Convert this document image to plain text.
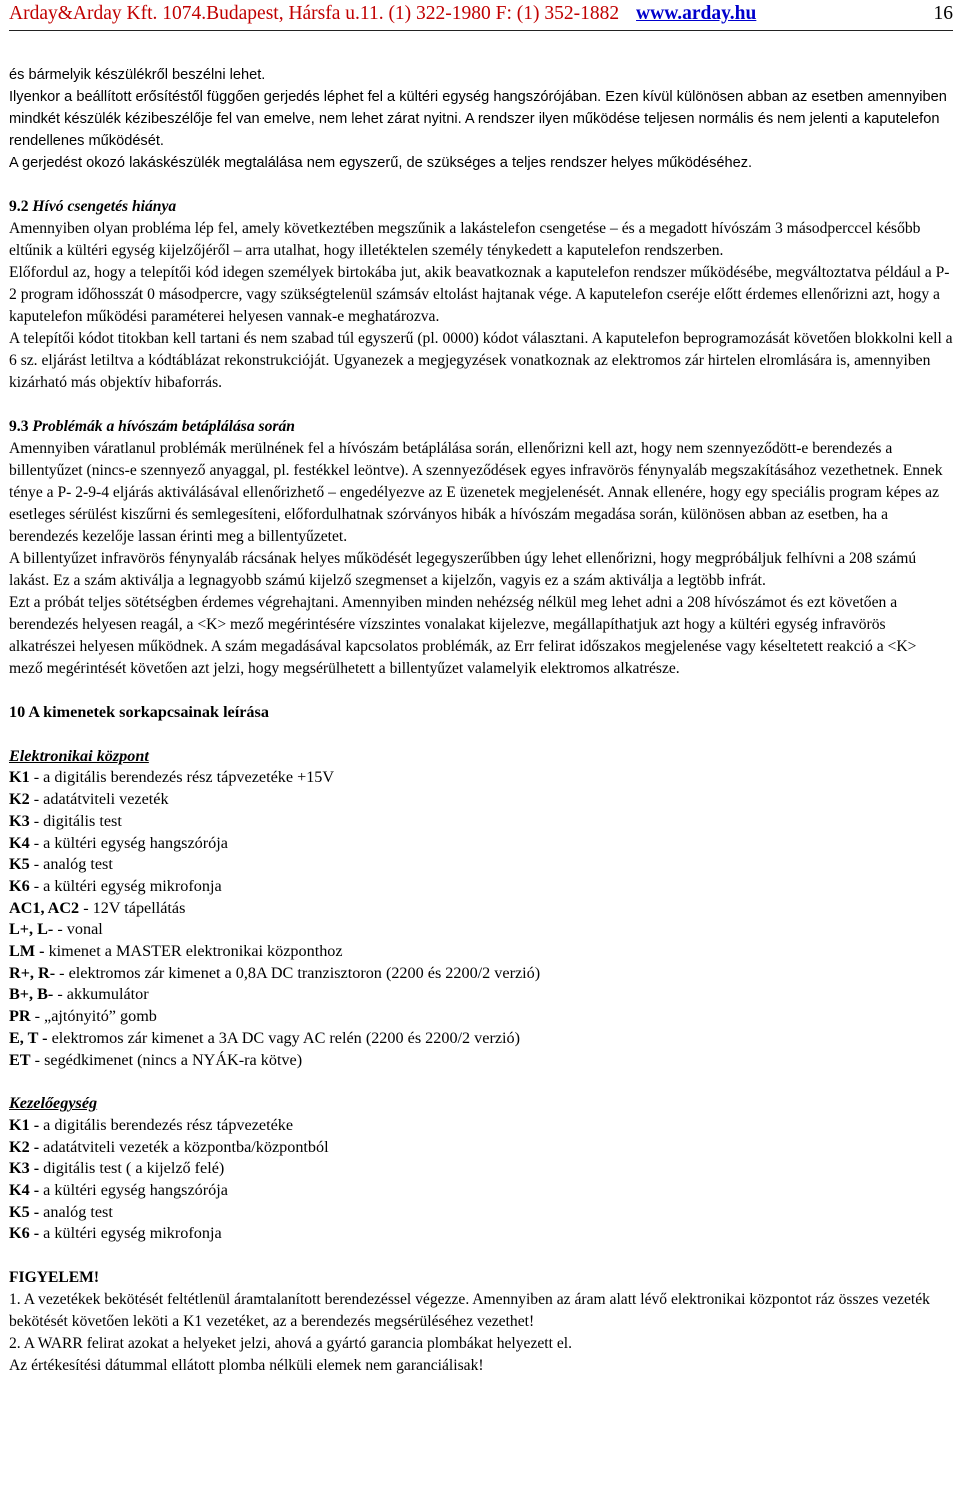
Arday&Arday Kft. 1074.Budapest, Hársfa u.11. (1) 322-1980 F: (1) 352-1882 www.arday.hu	16

és bármelyik készülékről beszélni lehet.

Ilyenkor a beállított erősítéstől függően gerjedés léphet fel a kültéri egység hangszórójában. Ezen kívül különösen abban az esetben amennyiben mindkét készülék kézibeszélője fel van emelve, nem lehet zárat nyitni. A rendszer ilyen működése teljesen normális és nem jelenti a kaputelefon rendellenes működését.

A gerjedést okozó lakáskészülék megtalálása nem egyszerű, de szükséges a teljes rendszer helyes működéséhez.

9.2 Hívó csengetés hiánya

Amennyiben olyan probléma lép fel, amely következtében megszűnik a lakástelefon csengetése – és a megadott hívószám 3 másodperccel később eltűnik a kültéri egység kijelzőjéről – arra utalhat, hogy illetéktelen személy ténykedett a kaputelefon rendszerben.

Előfordul az, hogy a telepítői kód idegen személyek birtokába jut, akik beavatkoznak a kaputelefon rendszer működésébe, megváltoztatva például a P-2 program időhosszát 0 másodpercre, vagy szükségtelenül számsáv eltolást hajtanak vége. A kaputelefon cseréje előtt érdemes ellenőrizni azt, hogy a kaputelefon működési paraméterei helyesen vannak-e meghatározva.

A telepítői kódot titokban kell tartani és nem szabad túl egyszerű (pl. 0000) kódot választani. A kaputelefon beprogramozását követően blokkolni kell a 6 sz. eljárást letiltva a kódtáblázat rekonstrukcióját. Ugyanezek a megjegyzések vonatkoznak az elektromos zár hirtelen elromlására is, amennyiben kizárható más objektív hibaforrás.

9.3 Problémák a hívószám betáplálása során

Amennyiben váratlanul problémák merülnének fel a hívószám betáplálása során, ellenőrizni kell azt, hogy nem szennyeződött-e berendezés a billentyűzet (nincs-e szennyező anyaggal, pl. festékkel leöntve). A szennyeződések egyes infravörös fénynyaláb megszakításához vezethetnek. Ennek ténye a P- 2-9-4 eljárás aktiválásával ellenőrizhető – engedélyezve az E üzenetek megjelenését. Annak ellenére, hogy egy speciális program képes az esetleges sérülést kiszűrni és semlegesíteni, előfordulhatnak szórványos hibák a hívószám megadása során, különösen abban az esetben, ha a berendezés kezelője lassan érinti meg a billentyűzetet.

A billentyűzet infravörös fénynyaláb rácsának helyes működését legegyszerűbben úgy lehet ellenőrizni, hogy megpróbáljuk felhívni a 208 számú lakást. Ez a szám aktiválja a legnagyobb számú kijelző szegmenset a kijelzőn, vagyis ez a szám aktiválja a legtöbb infrát.

Ezt a próbát teljes sötétségben érdemes végrehajtani. Amennyiben minden nehézség nélkül meg lehet adni a 208 hívószámot és ezt követően a berendezés helyesen reagál, a <K> mező megérintésére vízszintes vonalakat kijelezve, megállapíthatjuk azt hogy a kültéri egység infravörös alkatrészei helyesen működnek. A szám megadásával kapcsolatos problémák, az Err felirat időszakos megjelenése vagy késeltetett reakció a <K> mező megérintését követően azt jelzi, hogy megsérülhetett a billentyűzet valamelyik elektromos alkatrésze.

10 A kimenetek sorkapcsainak leírása

Elektronikai központ

K1 - a digitális berendezés rész tápvezetéke +15V

K2 - adatátviteli vezeték

K3 - digitális test

K4 - a kültéri egység hangszórója

K5 - analóg test

K6 - a kültéri egység mikrofonja

AC1, AC2 - 12V tápellátás

L+, L- - vonal

LM - kimenet a MASTER elektronikai központhoz

R+, R- - elektromos zár kimenet a 0,8A DC tranzisztoron (2200 és 2200/2 verzió)

B+, B- - akkumulátor

PR - „ajtónyitó” gomb

E, T - elektromos zár kimenet a 3A DC vagy AC relén (2200 és 2200/2 verzió)

ET - segédkimenet (nincs a NYÁK-ra kötve)

Kezelőegység

K1 - a digitális berendezés rész tápvezetéke

K2 - adatátviteli vezeték a központba/központból

K3 - digitális test ( a kijelző felé)

K4 - a kültéri egység hangszórója

K5 - analóg test

K6 - a kültéri egység mikrofonja

FIGYELEM!

1. A vezetékek bekötését feltétlenül áramtalanított berendezéssel végezze. Amennyiben az áram alatt lévő elektronikai központot ráz összes vezeték bekötését követően leköti a K1 vezetéket, az a berendezés megsérüléséhez vezethet!

2. A WARR felirat azokat a helyeket jelzi, ahová a gyártó garancia plombákat helyezett el.

Az értékesítési dátummal ellátott plomba nélküli elemek nem garanciálisak!
